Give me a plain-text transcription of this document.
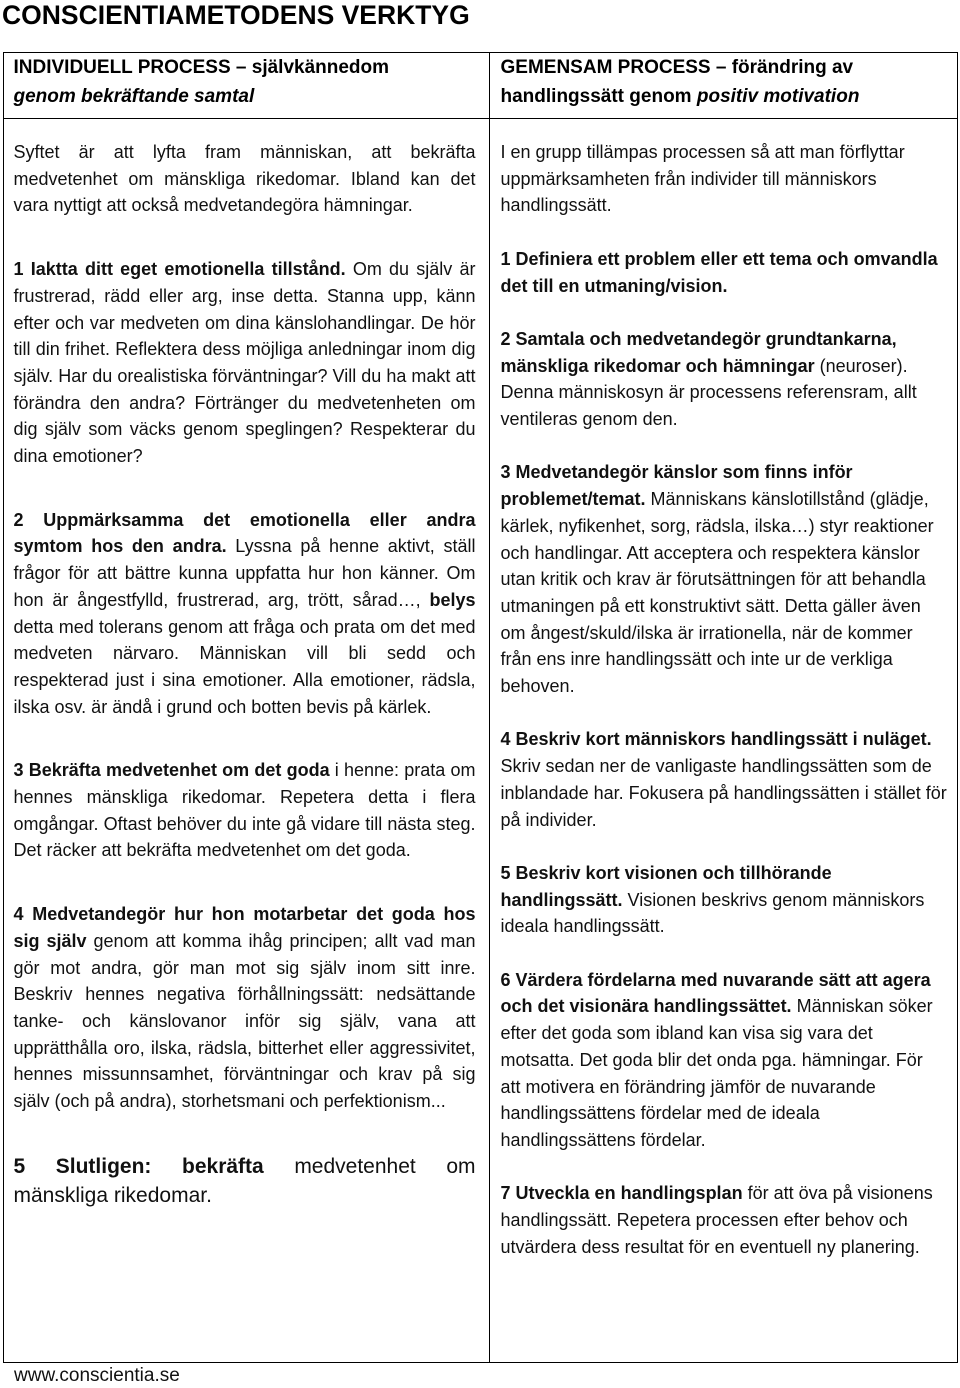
CONSCIENTIAMETODENS VERKTYG
INDIVIDUELL PROCESS – självkännedom genom bekräftande samtal
GEMENSAM PROCESS – förändring av handlingssätt genom positiv motivation

Syftet är att lyfta fram människan, att bekräfta medvetenhet om mänskliga rikedomar. Ibland kan det vara nyttigt att också medvetandegöra hämningar.

1 Iaktta ditt eget emotionella tillstånd. Om du själv är frustrerad, rädd eller arg, inse detta. Stanna upp, känn efter och var medveten om dina känslohandlingar. De hör till din frihet. Reflektera dess möjliga anledningar inom dig själv. Har du orealistiska förväntningar? Vill du ha makt att förändra den andra? Förtränger du medvetenheten om dig själv som väcks genom speglingen? Respekterar du dina emotioner?

2 Uppmärksamma det emotionella eller andra symtom hos den andra. Lyssna på henne aktivt, ställ frågor för att bättre kunna uppfatta hur hon känner. Om hon är ångestfylld, frustrerad, arg, trött, sårad…, belys detta med tolerans genom att fråga och prata om det med medveten närvaro. Människan vill bli sedd och respekterad just i sina emotioner. Alla emotioner, rädsla, ilska osv. är ändå i grund och botten bevis på kärlek.

3 Bekräfta medvetenhet om det goda i henne: prata om hennes mänskliga rikedomar. Repetera detta i flera omgångar. Oftast behöver du inte gå vidare till nästa steg. Det räcker att bekräfta medvetenhet om det goda.

4 Medvetandegör hur hon motarbetar det goda hos sig själv genom att komma ihåg principen; allt vad man gör mot andra, gör man mot sig själv inom sitt inre. Beskriv hennes negativa förhållningssätt: nedsättande tanke- och känslovanor inför sig själv, vana att upprätthålla oro, ilska, rädsla, bitterhet eller aggressivitet, hennes missunnsamhet, förväntningar och krav på sig själv (och på andra), storhetsmani och perfektionism...

5 Slutligen: bekräfta medvetenhet om mänskliga rikedomar.

I en grupp tillämpas processen så att man förflyttar uppmärksamheten från individer till människors handlingssätt.

1 Definiera ett problem eller ett tema och omvandla det till en utmaning/vision.

2 Samtala och medvetandegör grundtankarna, mänskliga rikedomar och hämningar (neuroser). Denna människosyn är processens referensram, allt ventileras genom den.

3 Medvetandegör känslor som finns inför problemet/temat. Människans känslotillstånd (glädje, kärlek, nyfikenhet, sorg, rädsla, ilska…) styr reaktioner och handlingar. Att acceptera och respektera känslor utan kritik och krav är förutsättningen för att behandla utmaningen på ett konstruktivt sätt. Detta gäller även om ångest/skuld/ilska är irrationella, när de kommer från ens inre handlingssätt och inte ur de verkliga behoven.

4 Beskriv kort människors handlingssätt i nuläget. Skriv sedan ner de vanligaste handlingssätten som de inblandade har. Fokusera på handlingssätten i stället för på individer.

5 Beskriv kort visionen och tillhörande handlingssätt. Visionen beskrivs genom människors ideala handlingssätt.

6 Värdera fördelarna med nuvarande sätt att agera och det visionära handlingssättet. Människan söker efter det goda som ibland kan visa sig vara det motsatta. Det goda blir det onda pga. hämningar. För att motivera en förändring jämför de nuvarande handlingssättens fördelar med de ideala handlingssättens fördelar.

7 Utveckla en handlingsplan för att öva på visionens handlingssätt. Repetera processen efter behov och utvärdera dess resultat för en eventuell ny planering.

www.conscientia.se
